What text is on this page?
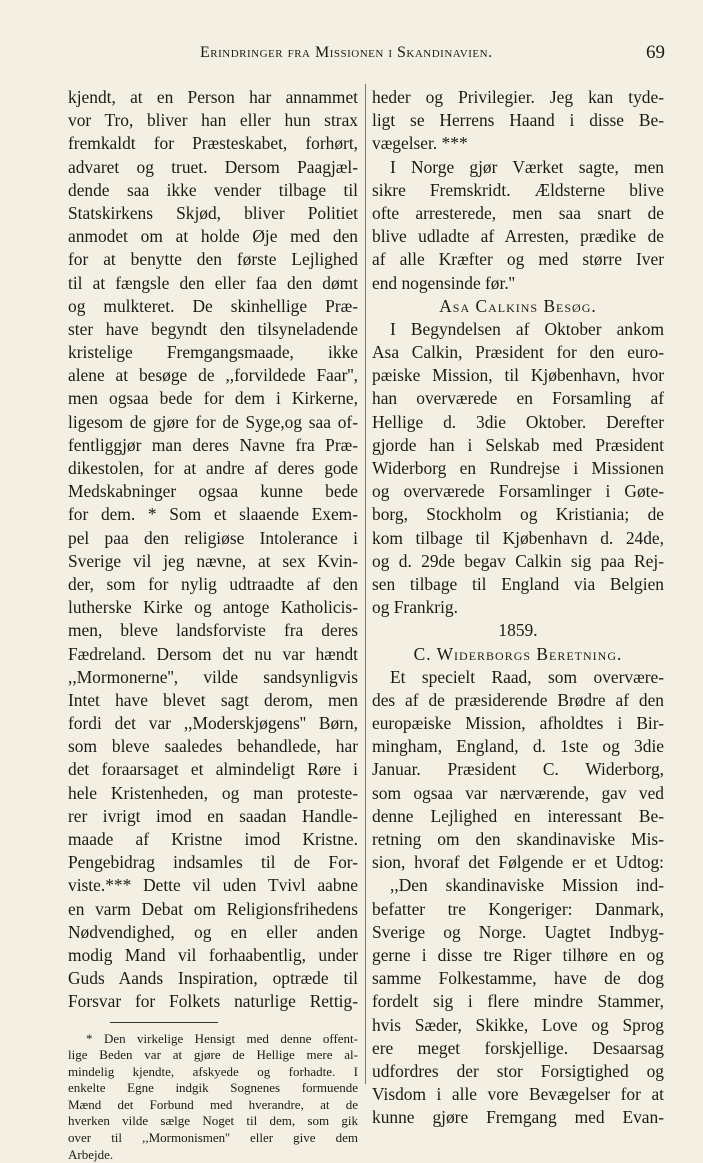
Erindringer fra Missionen i Skandinavien.	69
kjendt, at en Person har annammet
vor Tro, bliver han eller hun strax
fremkaldt for Præsteskabet, forhørt,
advaret og truet. Dersom Paagjæl-
dende saa ikke vender tilbage til
Statskirkens Skjød, bliver Politiet
anmodet om at holde Øje med den
for at benytte den første Lejlighed
til at fængsle den eller faa den dømt
og mulkteret. De skinhellige Præ-
ster have begyndt den tilsyneladende
kristelige Fremgangsmaade, ikke
alene at besøge de ,,forvildede Faar'',
men ogsaa bede for dem i Kirkerne,
ligesom de gjøre for de Syge,og saa of-
fentliggjør man deres Navne fra Præ-
dikestolen, for at andre af deres gode
Medskabninger ogsaa kunne bede
for dem. * Som et slaaende Exem-
pel paa den religiøse Intolerance i
Sverige vil jeg nævne, at sex Kvin-
der, som for nylig udtraadte af den
lutherske Kirke og antoge Katholicis-
men, bleve landsforviste fra deres
Fædreland. Dersom det nu var hændt
,,Mormonerne'', vilde sandsynligvis
Intet have blevet sagt derom, men
fordi det var ,,Moderskjøgens'' Børn,
som bleve saaledes behandlede, har
det foraarsaget et almindeligt Røre i
hele Kristenheden, og man proteste-
rer ivrigt imod en saadan Handle-
maade af Kristne imod Kristne.
Pengebidrag indsamles til de For-
viste.*** Dette vil uden Tvivl aabne
en varm Debat om Religionsfrihedens
Nødvendighed, og en eller anden
modig Mand vil forhaabentlig, under
Guds Aands Inspiration, optræde til
Forsvar for Folkets naturlige Rettig-
* Den virkelige Hensigt med denne offent-
lige Beden var at gjøre de Hellige mere al-
mindelig kjendte, afskyede og forhadte. I
enkelte Egne indgik Sognenes formuende
Mænd det Forbund med hverandre, at de
hverken vilde sælge Noget til dem, som gik
over til ,,Mormonismen'' eller give dem
Arbejde.
heder og Privilegier. Jeg kan tyde-
ligt se Herrens Haand i disse Be-
vægelser. ***
I Norge gjør Værket sagte, men
sikre Fremskridt. Ældsterne blive
ofte arresterede, men saa snart de
blive udladte af Arresten, prædike de
af alle Kræfter og med større Iver
end nogensinde før.''
Asa Calkins Besøg.
I Begyndelsen af Oktober ankom
Asa Calkin, Præsident for den euro-
pæiske Mission, til Kjøbenhavn, hvor
han overværede en Forsamling af
Hellige d. 3die Oktober. Derefter
gjorde han i Selskab med Præsident
Widerborg en Rundrejse i Missionen
og overværede Forsamlinger i Gøte-
borg, Stockholm og Kristiania; de
kom tilbage til Kjøbenhavn d. 24de,
og d. 29de begav Calkin sig paa Rej-
sen tilbage til England via Belgien
og Frankrig.
1859.
C. Widerborgs Beretning.
Et specielt Raad, som overvære-
des af de præsiderende Brødre af den
europæiske Mission, afholdtes i Bir-
mingham, England, d. 1ste og 3die
Januar. Præsident C. Widerborg,
som ogsaa var nærværende, gav ved
denne Lejlighed en interessant Be-
retning om den skandinaviske Mis-
sion, hvoraf det Følgende er et Udtog:
,,Den skandinaviske Mission ind-
befatter tre Kongeriger: Danmark,
Sverige og Norge. Uagtet Indbyg-
gerne i disse tre Riger tilhøre en og
samme Folkestamme, have de dog
fordelt sig i flere mindre Stammer,
hvis Sæder, Skikke, Love og Sprog
ere meget forskjellige. Desaarsag
udfordres der stor Forsigtighed og
Visdom i alle vore Bevægelser for at
kunne gjøre Fremgang med Evan-
